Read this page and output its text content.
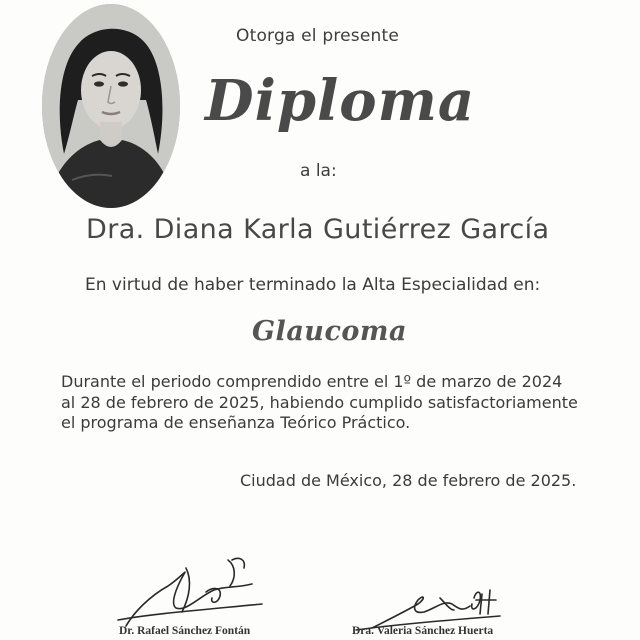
Otorga el presente

Diploma

a la:

Dra. Diana Karla Gutiérrez García

En virtud de haber terminado la Alta Especialidad en:

Glaucoma

Durante el periodo comprendido entre el 1º de marzo de 2024 al 28 de febrero de 2025, habiendo cumplido satisfactoriamente el programa de enseñanza Teórico Práctico.

Ciudad de México, 28 de febrero de 2025.

Dr. Rafael Sánchez Fontán	Dra. Valeria Sánchez Huerta
